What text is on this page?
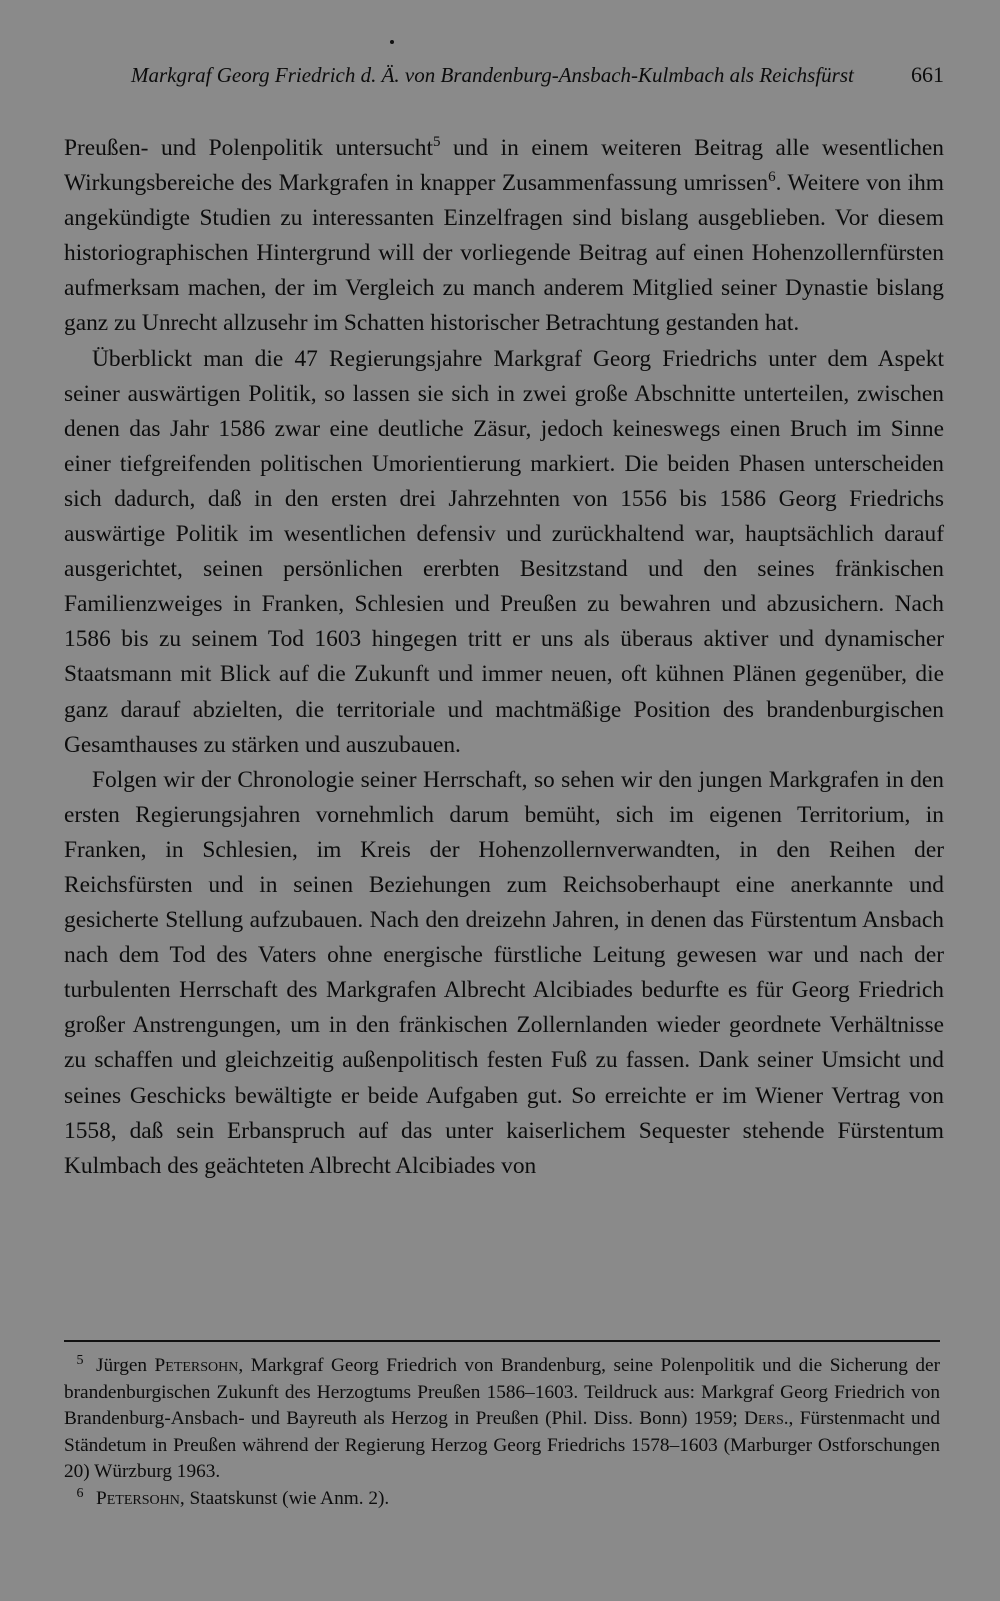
Markgraf Georg Friedrich d. Ä. von Brandenburg-Ansbach-Kulmbach als Reichsfürst	661

Preußen- und Polenpolitik untersucht$^5$ und in einem weiteren Beitrag alle wesentlichen Wirkungsbereiche des Markgrafen in knapper Zusammenfassung umrissen$^6$. Weitere von ihm angekündigte Studien zu interessanten Einzelfragen sind bislang ausgeblieben. Vor diesem historiographischen Hintergrund will der vorliegende Beitrag auf einen Hohenzollernfürsten aufmerksam machen, der im Vergleich zu manch anderem Mitglied seiner Dynastie bislang ganz zu Unrecht allzusehr im Schatten historischer Betrachtung gestanden hat.

Überblickt man die 47 Regierungsjahre Markgraf Georg Friedrichs unter dem Aspekt seiner auswärtigen Politik, so lassen sie sich in zwei große Abschnitte unterteilen, zwischen denen das Jahr 1586 zwar eine deutliche Zäsur, jedoch keineswegs einen Bruch im Sinne einer tiefgreifenden politischen Umorientierung markiert. Die beiden Phasen unterscheiden sich dadurch, daß in den ersten drei Jahrzehnten von 1556 bis 1586 Georg Friedrichs auswärtige Politik im wesentlichen defensiv und zurückhaltend war, hauptsächlich darauf ausgerichtet, seinen persönlichen ererbten Besitzstand und den seines fränkischen Familienzweiges in Franken, Schlesien und Preußen zu bewahren und abzusichern. Nach 1586 bis zu seinem Tod 1603 hingegen tritt er uns als überaus aktiver und dynamischer Staatsmann mit Blick auf die Zukunft und immer neuen, oft kühnen Plänen gegenüber, die ganz darauf abzielten, die territoriale und machtmäßige Position des brandenburgischen Gesamthauses zu stärken und auszubauen.

Folgen wir der Chronologie seiner Herrschaft, so sehen wir den jungen Markgrafen in den ersten Regierungsjahren vornehmlich darum bemüht, sich im eigenen Territorium, in Franken, in Schlesien, im Kreis der Hohenzollernverwandten, in den Reihen der Reichsfürsten und in seinen Beziehungen zum Reichsoberhaupt eine anerkannte und gesicherte Stellung aufzubauen. Nach den dreizehn Jahren, in denen das Fürstentum Ansbach nach dem Tod des Vaters ohne energische fürstliche Leitung gewesen war und nach der turbulenten Herrschaft des Markgrafen Albrecht Alcibiades bedurfte es für Georg Friedrich großer Anstrengungen, um in den fränkischen Zollernlanden wieder geordnete Verhältnisse zu schaffen und gleichzeitig außenpolitisch festen Fuß zu fassen. Dank seiner Umsicht und seines Geschicks bewältigte er beide Aufgaben gut. So erreichte er im Wiener Vertrag von 1558, daß sein Erbanspruch auf das unter kaiserlichem Sequester stehende Fürstentum Kulmbach des geächteten Albrecht Alcibiades von

5 Jürgen Petersohn, Markgraf Georg Friedrich von Brandenburg, seine Polenpolitik und die Sicherung der brandenburgischen Zukunft des Herzogtums Preußen 1586–1603. Teildruck aus: Markgraf Georg Friedrich von Brandenburg-Ansbach- und Bayreuth als Herzog in Preußen (Phil. Diss. Bonn) 1959; Ders., Fürstenmacht und Ständetum in Preußen während der Regierung Herzog Georg Friedrichs 1578–1603 (Marburger Ostforschungen 20) Würzburg 1963.

6 Petersohn, Staatskunst (wie Anm. 2).
